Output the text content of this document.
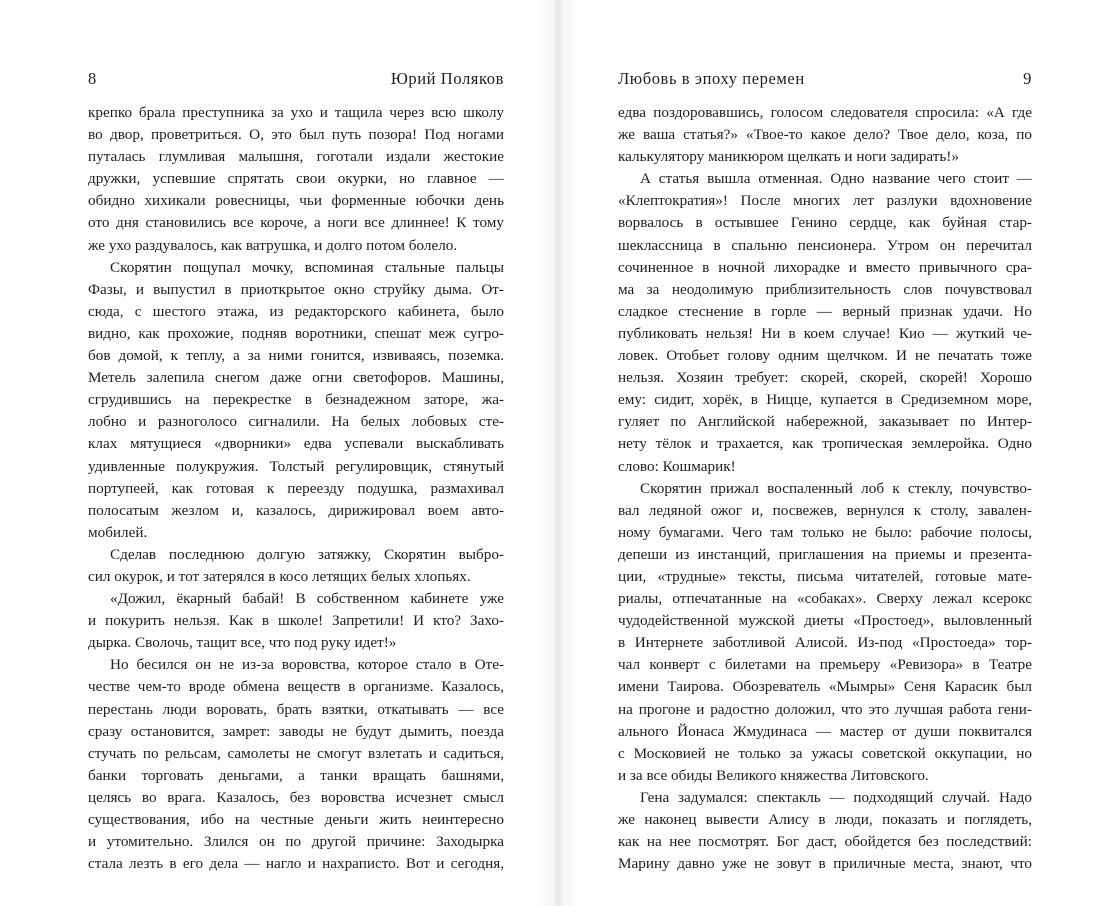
8	Юрий Поляков
крепко брала преступника за ухо и тащила через всю школу
во двор, проветриться. О, это был путь позора! Под ногами
путалась глумливая малышня, гоготали издали жестокие
дружки, успевшие спрятать свои окурки, но главное —
обидно хихикали ровесницы, чьи форменные юбочки день
ото дня становились все короче, а ноги все длиннее! К тому
же ухо раздувалось, как ватрушка, и долго потом болело.
Скорятин пощупал мочку, вспоминая стальные пальцы
Фазы, и выпустил в приоткрытое окно струйку дыма. От-
сюда, с шестого этажа, из редакторского кабинета, было
видно, как прохожие, подняв воротники, спешат меж сугро-
бов домой, к теплу, а за ними гонится, извиваясь, поземка.
Метель залепила снегом даже огни светофоров. Машины,
сгрудившись на перекрестке в безнадежном заторе, жа-
лобно и разноголосо сигналили. На белых лобовых сте-
клах мятущиеся «дворники» едва успевали выскабливать
удивленные полукружия. Толстый регулировщик, стянутый
портупеей, как готовая к переезду подушка, размахивал
полосатым жезлом и, казалось, дирижировал воем авто-
мобилей.
Сделав последнюю долгую затяжку, Скорятин выбро-
сил окурок, и тот затерялся в косо летящих белых хлопьях.
«Дожил, ёкарный бабай! В собственном кабинете уже
и покурить нельзя. Как в школе! Запретили! И кто? Захо-
дырка. Сволочь, тащит все, что под руку идет!»
Но бесился он не из-за воровства, которое стало в Оте-
честве чем-то вроде обмена веществ в организме. Казалось,
перестань люди воровать, брать взятки, откатывать — все
сразу остановится, замрет: заводы не будут дымить, поезда
стучать по рельсам, самолеты не смогут взлетать и садиться,
банки торговать деньгами, а танки вращать башнями,
целясь во врага. Казалось, без воровства исчезнет смысл
существования, ибо на честные деньги жить неинтересно
и утомительно. Злился он по другой причине: Заходырка
стала лезть в его дела — нагло и нахраписто. Вот и сегодня,
Любовь в эпоху перемен	9
едва поздоровавшись, голосом следователя спросила: «А где
же ваша статья?» «Твое-то какое дело? Твое дело, коза, по
калькулятору маникюром щелкать и ноги задирать!»
А статья вышла отменная. Одно название чего стоит —
«Клептократия»! После многих лет разлуки вдохновение
ворвалось в остывшее Генино сердце, как буйная стар-
шеклассница в спальню пенсионера. Утром он перечитал
сочиненное в ночной лихорадке и вместо привычного сра-
ма за неодолимую приблизительность слов почувствовал
сладкое стеснение в горле — верный признак удачи. Но
публиковать нельзя! Ни в коем случае! Кио — жуткий че-
ловек. Отобьет голову одним щелчком. И не печатать тоже
нельзя. Хозяин требует: скорей, скорей, скорей! Хорошо
ему: сидит, хорёк, в Ницце, купается в Средиземном море,
гуляет по Английской набережной, заказывает по Интер-
нету тёлок и трахается, как тропическая землеройка. Одно
слово: Кошмарик!
Скорятин прижал воспаленный лоб к стеклу, почувство-
вал ледяной ожог и, посвежев, вернулся к столу, завален-
ному бумагами. Чего там только не было: рабочие полосы,
депеши из инстанций, приглашения на приемы и презента-
ции, «трудные» тексты, письма читателей, готовые мате-
риалы, отпечатанные на «собаках». Сверху лежал ксерокс
чудодейственной мужской диеты «Простоед», выловленный
в Интернете заботливой Алисой. Из-под «Простоеда» тор-
чал конверт с билетами на премьеру «Ревизора» в Театре
имени Таирова. Обозреватель «Мымры» Сеня Карасик был
на прогоне и радостно доложил, что это лучшая работа гени-
ального Йонаса Жмудинаса — мастер от души поквитался
с Московией не только за ужасы советской оккупации, но
и за все обиды Великого княжества Литовского.
Гена задумался: спектакль — подходящий случай. Надо
же наконец вывести Алису в люди, показать и поглядеть,
как на нее посмотрят. Бог даст, обойдется без последствий:
Марину давно уже не зовут в приличные места, знают, что
